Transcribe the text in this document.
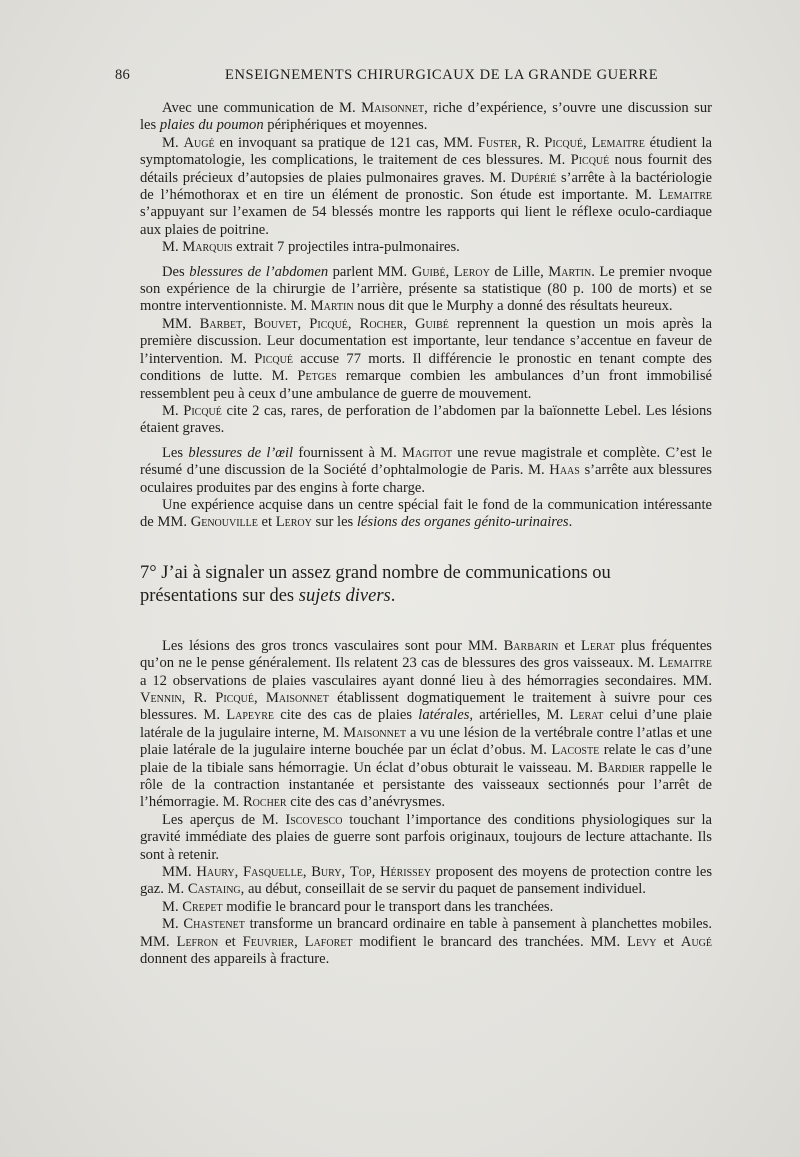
86	ENSEIGNEMENTS CHIRURGICAUX DE LA GRANDE GUERRE

Avec une communication de M. Maisonnet, riche d’expérience, s’ouvre une discussion sur les plaies du poumon périphériques et moyennes.

M. Augé en invoquant sa pratique de 121 cas, MM. Fuster, R. Picqué, Lemaitre étudient la symptomatologie, les complications, le traitement de ces blessures. M. Picqué nous fournit des détails précieux d’autopsies de plaies pulmonaires graves. M. Dupérié s’arrête à la bactériologie de l’hémothorax et en tire un élément de pronostic. Son étude est importante. M. Lemaitre s’appuyant sur l’examen de 54 blessés montre les rapports qui lient le réflexe oculo-cardiaque aux plaies de poitrine.

M. Marquis extrait 7 projectiles intra-pulmonaires.

Des blessures de l’abdomen parlent MM. Guibé, Leroy de Lille, Martin. Le premier nvoque son expérience de la chirurgie de l’arrière, présente sa statistique (80 p. 100 de morts) et se montre interventionniste. M. Martin nous dit que le Murphy a donné des résultats heureux.

MM. Barbet, Bouvet, Picqué, Rocher, Guibé reprennent la question un mois après la première discussion. Leur documentation est importante, leur tendance s’accentue en faveur de l’intervention. M. Picqué accuse 77 morts. Il différencie le pronostic en tenant compte des conditions de lutte. M. Petges remarque combien les ambulances d’un front immobilisé ressemblent peu à ceux d’une ambulance de guerre de mouvement.

M. Picqué cite 2 cas, rares, de perforation de l’abdomen par la baïonnette Lebel. Les lésions étaient graves.

Les blessures de l’œil fournissent à M. Magitot une revue magistrale et complète. C’est le résumé d’une discussion de la Société d’ophtalmologie de Paris. M. Haas s’arrête aux blessures oculaires produites par des engins à forte charge.

Une expérience acquise dans un centre spécial fait le fond de la communication intéressante de MM. Genouville et Leroy sur les lésions des organes génito-urinaires.

7° J’ai à signaler un assez grand nombre de communications ou présentations sur des sujets divers.

Les lésions des gros troncs vasculaires sont pour MM. Barbarin et Lerat plus fréquentes qu’on ne le pense généralement. Ils relatent 23 cas de blessures des gros vaisseaux. M. Lemaitre a 12 observations de plaies vasculaires ayant donné lieu à des hémorragies secondaires. MM. Vennin, R. Picqué, Maisonnet établissent dogmatiquement le traitement à suivre pour ces blessures. M. Lapeyre cite des cas de plaies latérales, artérielles, M. Lerat celui d’une plaie latérale de la jugulaire interne, M. Maisonnet a vu une lésion de la vertébrale contre l’atlas et une plaie latérale de la jugulaire interne bouchée par un éclat d’obus. M. Lacoste relate le cas d’une plaie de la tibiale sans hémorragie. Un éclat d’obus obturait le vaisseau. M. Bardier rappelle le rôle de la contraction instantanée et persistante des vaisseaux sectionnés pour l’arrêt de l’hémorragie. M. Rocher cite des cas d’anévrysmes.

Les aperçus de M. Iscovesco touchant l’importance des conditions physiologiques sur la gravité immédiate des plaies de guerre sont parfois originaux, toujours de lecture attachante. Ils sont à retenir.

MM. Haury, Fasquelle, Bury, Top, Hérissey proposent des moyens de protection contre les gaz. M. Castaing, au début, conseillait de se servir du paquet de pansement individuel.

M. Crepet modifie le brancard pour le transport dans les tranchées.

M. Chastenet transforme un brancard ordinaire en table à pansement à planchettes mobiles. MM. Lefron et Feuvrier, Laforet modifient le brancard des tranchées. MM. Levy et Augé donnent des appareils à fracture.
